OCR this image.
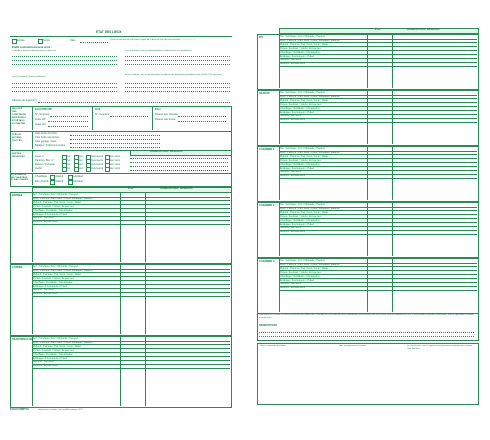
ÉTAT DES LIEUX
Entrée	Sortie	Date :	(Pour un état des lieux de sortie, rappel de la date de l'état des lieux d'entrée : ....../....../......)
Etabli contradictoirement entre :
Le bailleur (nom ou dénomination et adresse)	Le cas échéant, nom ou dénomination et adresse de son mandataire
Le(s) locataire(s) (nom et adresse)
Le cas échéant, nom ou dénomination et adresse des personnes mandatées pour réaliser l'état des lieux
Adresse du logement :
RELEVÉS
DES
COMPTEURS
INDIVIDUELS
ET DÉTAILS
À COMPTER
ÉLECTRICITÉ
N° compteur
Index HP
Index HC
GAZ
N° compteur
EAU
Relevé eau chaude
Relevé eau froide
CLÉS ET
MOYENS
D'ACCÈS
Clés porte d'entrée
Clés boîte aux lettres
Clés garage / cave
Badges / Télécommandes
PARTIES
PRIVATIVES
OBSERVATIONS / RÉSERVES
Cave n°
Parking / Box n°
Balcon / Terrasse
Jardin
Oui	Non	Documents Non vu(s)
Oui	Non	Documents Non vu(s)
Oui	Non	Documents Non vu(s)
Oui	Non	Documents Non vu(s)
ÉQUIPEMENTS
DE CHAUFFAGE
ET EAU CHAUDE
Chauffage : Collectif	Individuel
Eau chaude : Collectif	Individuel
ÉTAT	OBSERVATIONS / RÉSERVES
ENTRÉE	Sol : Carrelage / Lino / Moquette / Parquet
Murs : Peinture / Pap. Peint / Crépi / Moquette / Faïence
Plafond : Peinture / Pap. Peint / Crépi / Dalles
Portes / Fenêtres / Volets / Persiennes
Chauffage / Ventilation / Climatisation
Éclairage / Interrupteurs / Prises
Sécurité / Serrurerie
Meubles / Équipements
CUISINE	Sol : Carrelage / Lino / Moquette / Parquet
Murs : Peinture / Pap. Peint / Crépi / Moquette / Faïence
Plafond : Peinture / Pap. Peint / Crépi / Dalles
Portes / Fenêtres / Volets / Persiennes
Chauffage / Ventilation / Climatisation
Éclairage / Interrupteurs / Prises
Sécurité / Serrurerie
Meubles / Équipements
SÉJOUR/SALON Sol : Carrelage / Lino / Moquette / Parquet
Murs : Peinture / Pap. Peint / Crépi / Moquette / Faïence
Plafond : Peinture / Pap. Peint / Crépi / Dalles
Portes / Fenêtres / Volets / Persiennes
Chauffage / Ventilation / Climatisation
Éclairage / Interrupteurs / Prises
Sécurité / Serrurerie
Meubles / Équipements
EXACOMPTA	Reproduction interdite. Cerfa modèle conforme. 6721
ÉTAT	OBSERVATIONS / RÉSERVES
WC	Sol : Carrelage / Lino / Moquette / Parquet
Murs : Peinture / Pap. Peint / Crépi / Moquette / Faïence
Plafond : Peinture / Pap. Peint / Crépi / Dalles
Portes / Fenêtres / Volets / Persiennes
Chauffage / Ventilation / Climatisation
Éclairage / Interrupteurs / Prises
Sécurité / Serrurerie
Meubles / Équipements
SÉJOUR	Sol : Carrelage / Lino / Moquette / Parquet
Murs : Peinture / Pap. Peint / Crépi / Moquette / Faïence
Plafond : Peinture / Pap. Peint / Crépi / Dalles
Portes / Fenêtres / Volets / Persiennes
Chauffage / Ventilation / Climatisation
Éclairage / Interrupteurs / Prises
Sécurité / Serrurerie
Meubles / Équipements
CHAMBRE 1	Sol : Carrelage / Lino / Moquette / Parquet
Murs : Peinture / Pap. Peint / Crépi / Moquette / Faïence
Plafond : Peinture / Pap. Peint / Crépi / Dalles
Portes / Fenêtres / Volets / Persiennes
Chauffage / Ventilation / Climatisation
Éclairage / Interrupteurs / Prises
Sécurité / Serrurerie
Meubles / Équipements
CHAMBRE 2	Sol : Carrelage / Lino / Moquette / Parquet
Murs : Peinture / Pap. Peint / Crépi / Moquette / Faïence
Plafond : Peinture / Pap. Peint / Crépi / Dalles
Portes / Fenêtres / Volets / Persiennes
Chauffage / Ventilation / Climatisation
Éclairage / Interrupteurs / Prises
Sécurité / Serrurerie
Meubles / Équipements
CHAMBRE 3	Sol : Carrelage / Lino / Moquette / Parquet
Murs : Peinture / Pap. Peint / Crépi / Moquette / Faïence
Plafond : Peinture / Pap. Peint / Crépi / Dalles
Portes / Fenêtres / Volets / Persiennes
Chauffage / Ventilation / Climatisation
Éclairage / Interrupteurs / Prises
Sécurité / Serrurerie
Meubles / Équipements
Commentaires à l'article 3-2 de la loi n°89-462 du 6 juillet 1989 : l'état des lieux est établi de façon contradictoire par les parties lors de la remise et de la restitution des clés. Si une mention est portée au document, elle est opposable au bailleur et au locataire.
OBSERVATIONS
Nom et signature du bailleur	Nom et signature du locataire	Le cas échéant, nom et signature des personnes mandatées pour réaliser l'état des lieux
